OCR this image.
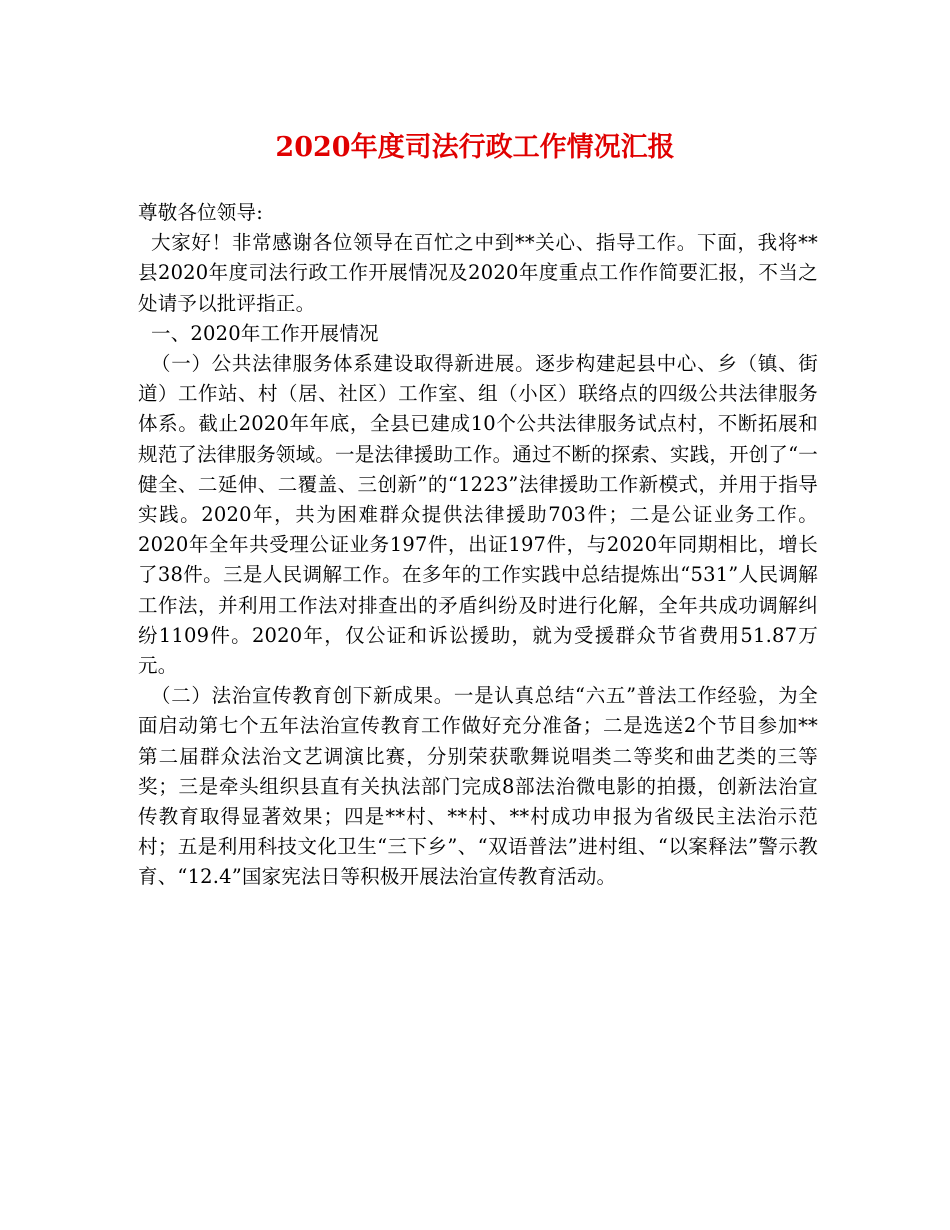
2020年度司法行政工作情况汇报

尊敬各位领导:

大家好！非常感谢各位领导在百忙之中到**关心、指导工作。下面，我将**县2020年度司法行政工作开展情况及2020年度重点工作作简要汇报，不当之处请予以批评指正。

一、2020年工作开展情况

（一）公共法律服务体系建设取得新进展。逐步构建起县中心、乡（镇、街道）工作站、村（居、社区）工作室、组（小区）联络点的四级公共法律服务体系。截止2020年年底，全县已建成10个公共法律服务试点村，不断拓展和规范了法律服务领域。一是法律援助工作。通过不断的探索、实践，开创了“一健全、二延伸、二覆盖、三创新”的“1223”法律援助工作新模式，并用于指导实践。2020年，共为困难群众提供法律援助703件；二是公证业务工作。2020年全年共受理公证业务197件，出证197件，与2020年同期相比，增长了38件。三是人民调解工作。在多年的工作实践中总结提炼出“531”人民调解工作法，并利用工作法对排查出的矛盾纠纷及时进行化解，全年共成功调解纠纷1109件。2020年，仅公证和诉讼援助，就为受援群众节省费用51.87万元。

（二）法治宣传教育创下新成果。一是认真总结“六五”普法工作经验，为全面启动第七个五年法治宣传教育工作做好充分准备；二是选送2个节目参加**第二届群众法治文艺调演比赛，分别荣获歌舞说唱类二等奖和曲艺类的三等奖；三是牵头组织县直有关执法部门完成8部法治微电影的拍摄，创新法治宣传教育取得显著效果；四是**村、**村、**村成功申报为省级民主法治示范村；五是利用科技文化卫生“三下乡”、“双语普法”进村组、“以案释法”警示教育、“12.4”国家宪法日等积极开展法治宣传教育活动。
